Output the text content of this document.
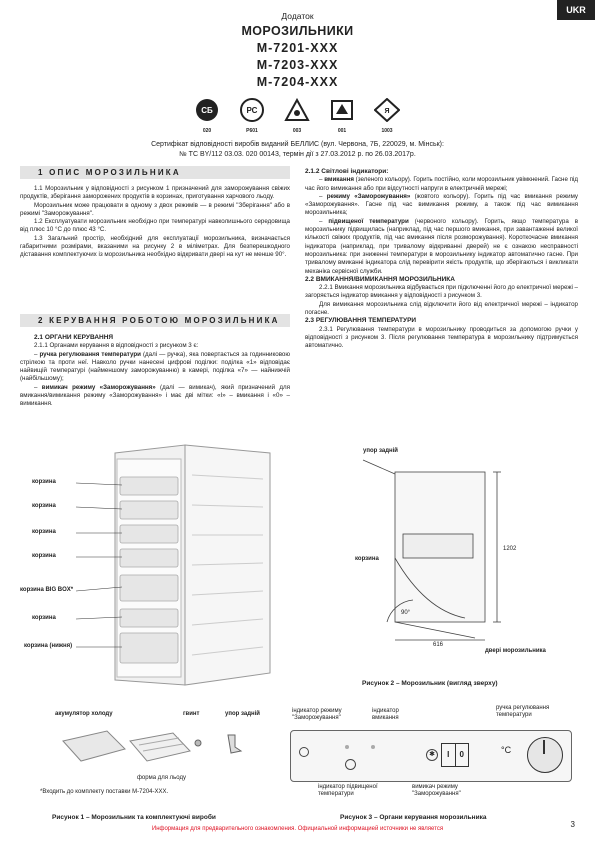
UKR
Додаток
МОРОЗИЛЬНИКИ
М-7201-XXX
М-7203-XXX
М-7204-XXX
СБ
020
РС
Р601	003	001
Я
1003
Сертифікат відповідності виробів виданий БЕЛЛИС (вул. Червона, 7Б, 220029, м. Мінськ):
№ ТС BY/112 03.03. 020 00143, термін дії з 27.03.2012 р. по 26.03.2017р.
1 ОПИС МОРОЗИЛЬНИКА

1.1 Морозильник у відповідності з рисунком 1 призначений для заморожування свіжих продуктів, зберігання заморожених продуктів в корзинах, приготування харчового льоду.

Морозильник може працювати в одному з двох режимів — в режимі "Зберігання" або в режимі "Заморожування".

1.2 Експлуатувати морозильник необхідно при температурі навколишнього середовища від плюс 10 °С до плюс 43 °С.

1.3 Загальний простір, необхідний для експлуатації морозильника, визначається габаритними розмірами, вказаними на рисунку 2 в міліметрах. Для безперешкодного діставання комплектуючих із морозильника необхідно відкривати двері на кут не менше 90°.

2 КЕРУВАННЯ РОБОТОЮ МОРОЗИЛЬНИКА

2.1 ОРГАНИ КЕРУВАННЯ

2.1.1 Органами керування в відповідності з рисунком 3 є:

– ручка регулювання температури (далі — ручка), яка повертається за годинниковою стрілкою та проти неї. Навколо ручки нанесені цифрові поділки: поділка «1» відповідає найвищій температурі (найменшому заморожуванню) в камері, поділка «7» — найнижчій (найбільшому);

– вимикач режиму «Заморожування» (далі — вимикач), який призначений для вмикання/вимикання режиму «Заморожування» і має дві мітки: «I» – вмикання і «0» – вимикання.

2.1.2 Світлові індикатори:

– вмикання (зеленого кольору). Горить постійно, коли морозильник увімкнений. Гасне під час його вимикання або при відсутності напруги в електричній мережі;

– режиму «Заморожування» (жовтого кольору). Горить під час вмикання режиму «Заморожування». Гасне під час вимикання режиму, а також під час вимикання морозильника;

– підвищеної температури (червоного кольору). Горить, якщо температура в морозильнику підвищилась (наприклад, під час першого вмикання, при завантаженні великої кількості свіжих продуктів, під час вмикання після розморожування). Короткочасне вмикання індикатора (наприклад, при тривалому відкриванні дверей) не є ознакою несправності морозильника: при зниженні температури в морозильнику індикатор автоматично гасне. При тривалому вмиканні індикатора слід перевірити якість продуктів, що зберігаються і викликати механіка сервісної служби.

2.2 ВМИКАННЯ/ВИМИКАННЯ МОРОЗИЛЬНИКА

2.2.1 Вмикання морозильника відбувається при підключенні його до електричної мережі – загоряється індикатор вмикання у відповідності з рисунком 3.

Для вимикання морозильника слід відключити його від електричної мережі – індикатор погасне.

2.3 РЕГУЛЮВАННЯ ТЕМПЕРАТУРИ

2.3.1 Регулювання температури в морозильнику проводиться за допомогою ручки у відповідності з рисунком 3. Після регулювання температура в морозильнику підтримується автоматично.

корзина
корзина
корзина
корзина
корзина BIG BOX*
корзина
корзина (нижня)
акумулятор холоду	гвинт	упор задній
форма для льоду
*Входить до комплекту поставки М-7204-XXX.
Рисунок 1 – Морозильник та комплектуючі вироби
упор задній
корзина
1202
616
90°
двері морозильника
Рисунок 2 – Морозильник (вигляд зверху)
індикатор режиму "Заморожування"
індикатор вмикання
ручка регулювання температури
✱	I	0	°С
індикатор підвищеної температури
вимикач режиму "Заморожування"
Рисунок 3 – Органи керування морозильника
Информация для предварительного ознакомления. Официальной информацией источники не является	3
